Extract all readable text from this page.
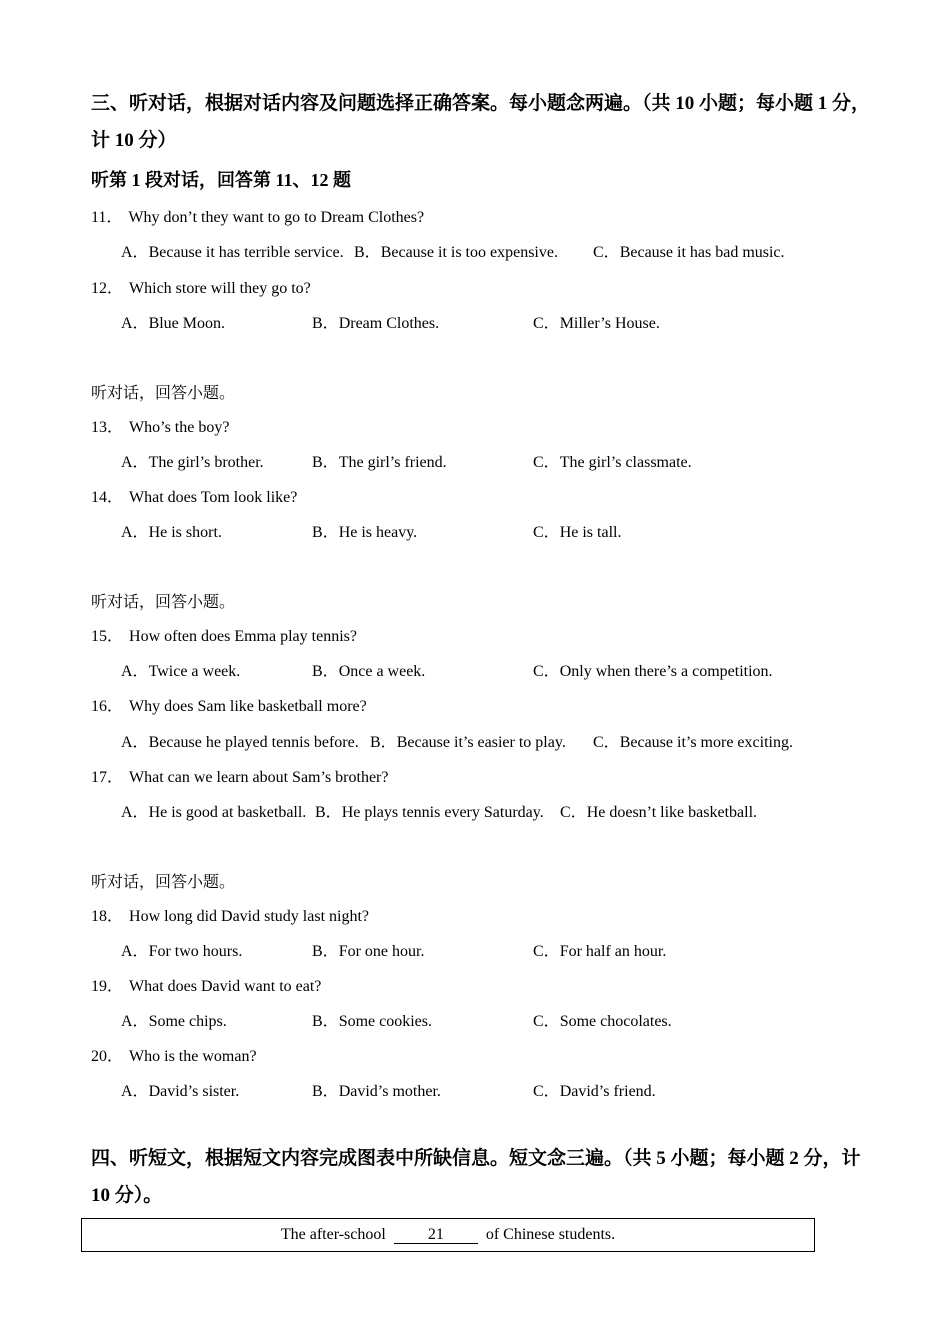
三、听对话，根据对话内容及问题选择正确答案。每小题念两遍。（共 10 小题；每小题 1 分，计 10 分）
听第 1 段对话，回答第 11、12 题
11． Why don’t they want to go to Dream Clothes?
A．Because it has terrible service. B．Because it is too expensive. C．Because it has bad music.
12． Which store will they go to?
A．Blue Moon.	B．Dream Clothes.	C．Miller’s House.
听对话，回答小题。
13． Who’s the boy?
A．The girl’s brother.	B．The girl’s friend.	C．The girl’s classmate.
14． What does Tom look like?
A．He is short.	B．He is heavy.	C．He is tall.
听对话，回答小题。
15． How often does Emma play tennis?
A．Twice a week.	B．Once a week.	C．Only when there’s a competition.
16． Why does Sam like basketball more?
A．Because he played tennis before. B．Because it’s easier to play. C．Because it’s more exciting.
17． What can we learn about Sam’s brother?
A．He is good at basketball. B．He plays tennis every Saturday. C．He doesn’t like basketball.
听对话，回答小题。
18． How long did David study last night?
A．For two hours.	B．For one hour.	C．For half an hour.
19． What does David want to eat?
A．Some chips.	B．Some cookies.	C．Some chocolates.
20． Who is the woman?
A．David’s sister.	B．David’s mother.	C．David’s friend.
四、听短文，根据短文内容完成图表中所缺信息。短文念三遍。（共 5 小题；每小题 2 分，计 10 分）。
The after-school	21	of Chinese students.
